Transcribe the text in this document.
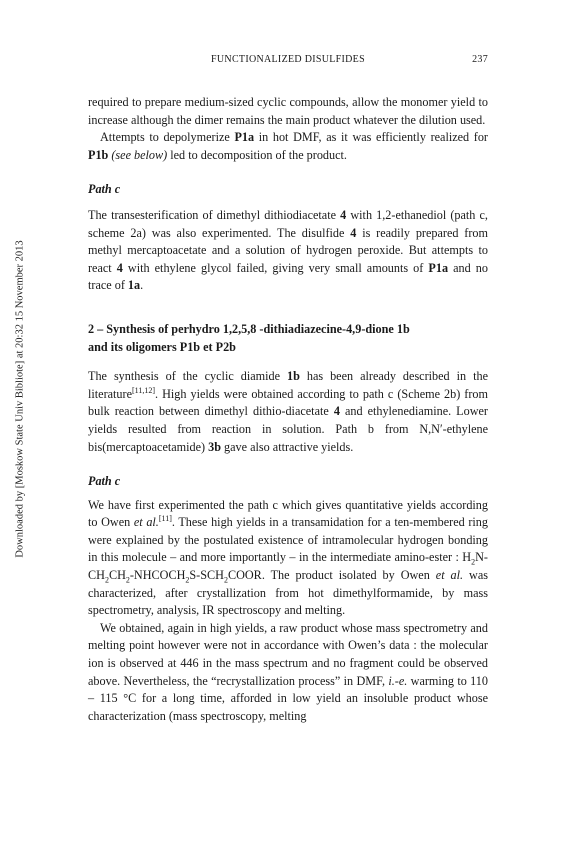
FUNCTIONALIZED DISULFIDES	237
Downloaded by [Moskow State Univ Bibliote] at 20:32 15 November 2013

required to prepare medium-sized cyclic compounds, allow the monomer yield to increase although the dimer remains the main product whatever the dilution used.

Attempts to depolymerize P1a in hot DMF, as it was efficiently realized for P1b (see below) led to decomposition of the product.

Path c

The transesterification of dimethyl dithiodiacetate 4 with 1,2-ethanediol (path c, scheme 2a) was also experimented. The disulfide 4 is readily prepared from methyl mercaptoacetate and a solution of hydrogen peroxide. But attempts to react 4 with ethylene glycol failed, giving very small amounts of P1a and no trace of 1a.

2 – Synthesis of perhydro 1,2,5,8 -dithiadiazecine-4,9-dione 1b
and its oligomers P1b et P2b

The synthesis of the cyclic diamide 1b has been already described in the literature[11,12]. High yields were obtained according to path c (Scheme 2b) from bulk reaction between dimethyl dithio-diacetate 4 and ethylenediamine. Lower yields resulted from reaction in solution. Path b from N,N′-ethylene bis(mercaptoacetamide) 3b gave also attractive yields.

Path c

We have first experimented the path c which gives quantitative yields according to Owen et al.[11]. These high yields in a transamidation for a ten-membered ring were explained by the postulated existence of intramolecular hydrogen bonding in this molecule – and more importantly – in the intermediate amino-ester : $H_2N-CH_2CH_2-NHCOCH_2S-SCH_2COOR$. The product isolated by Owen et al. was characterized, after crystallization from hot dimethylformamide, by mass spectrometry, analysis, IR spectroscopy and melting.

We obtained, again in high yields, a raw product whose mass spectrometry and melting point however were not in accordance with Owen’s data : the molecular ion is observed at 446 in the mass spectrum and no fragment could be observed above. Nevertheless, the “recrystallization process” in DMF, i.-e. warming to 110 – 115 °C for a long time, afforded in low yield an insoluble product whose characterization (mass spectroscopy, melting
